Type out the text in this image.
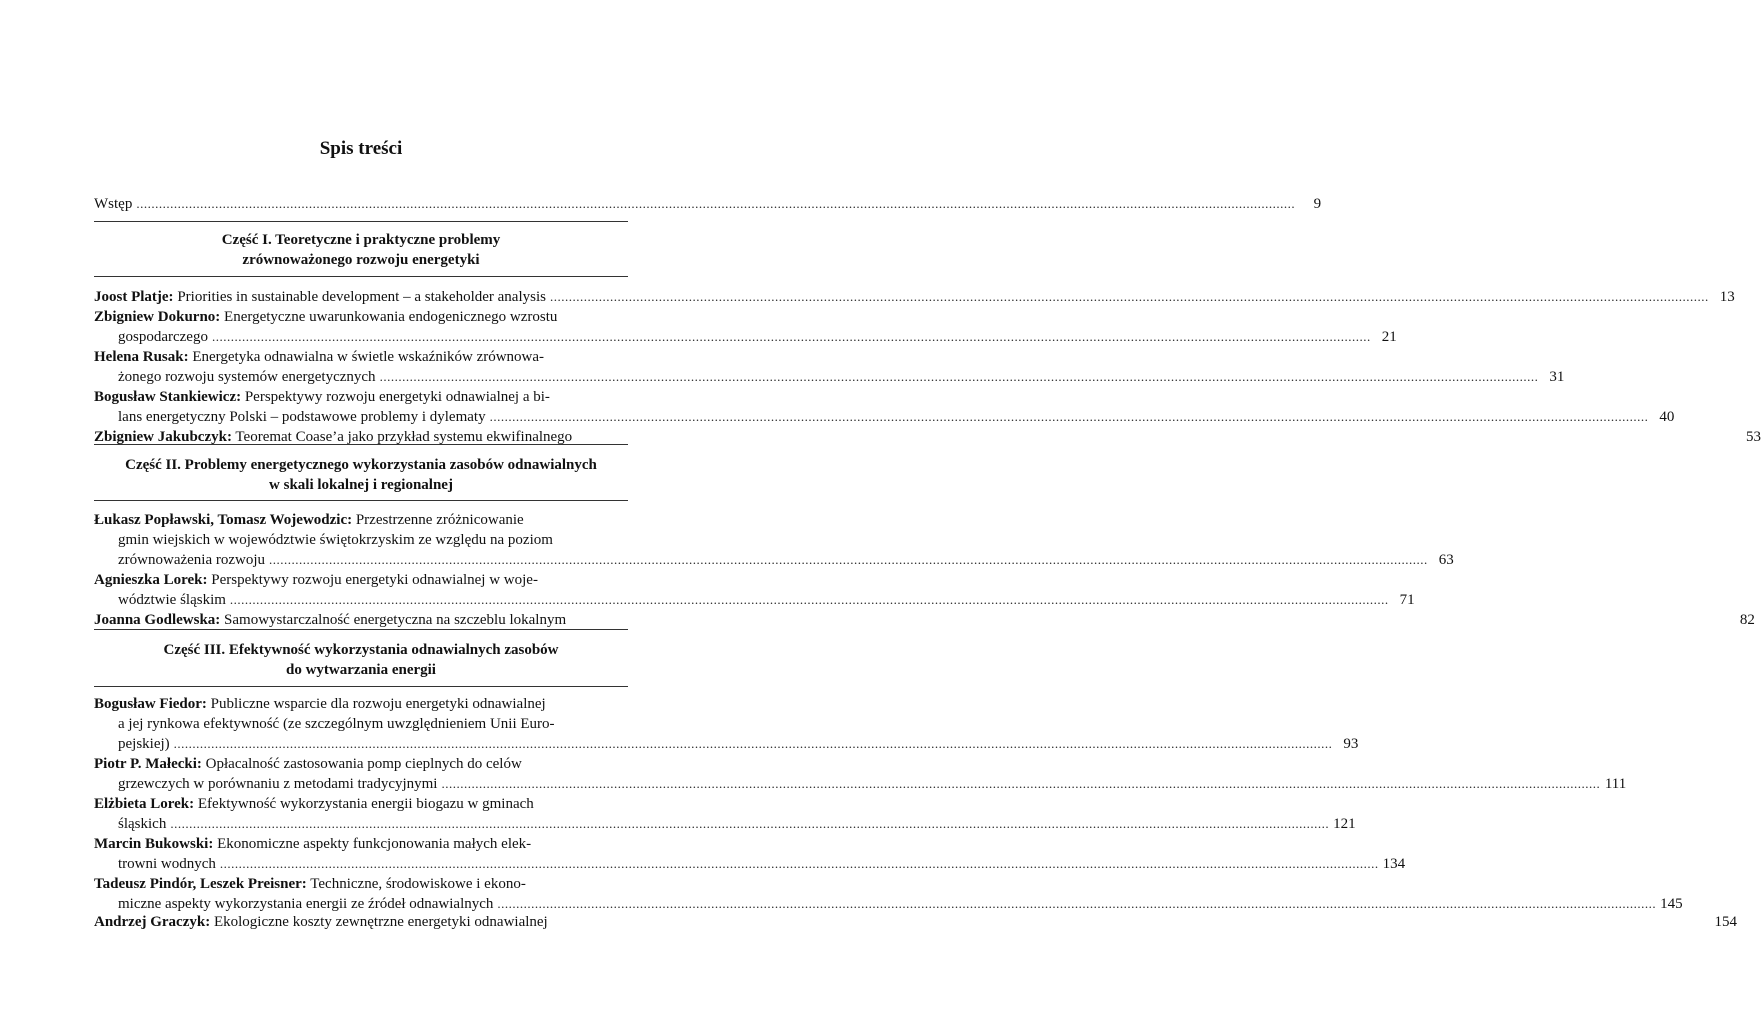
Spis treści
Wstęp .....	9
Część I. Teoretyczne i praktyczne problemy
zrównoważonego rozwoju energetyki
Joost Platje: Priorities in sustainable development – a stakeholder analysis .....	13
Zbigniew Dokurno: Energetyczne uwarunkowania endogenicznego wzrostu
gospodarczego .....	21
Helena Rusak: Energetyka odnawialna w świetle wskaźników zrównowa-
żonego rozwoju systemów energetycznych .....	31
Bogusław Stankiewicz: Perspektywy rozwoju energetyki odnawialnej a bi-
lans energetyczny Polski – podstawowe problemy i dylematy .....	40
Zbigniew Jakubczyk: Teoremat Coase’a jako przykład systemu ekwifinalnego	53
Część II. Problemy energetycznego wykorzystania zasobów odnawialnych
w skali lokalnej i regionalnej
Łukasz Popławski, Tomasz Wojewodzic: Przestrzenne zróżnicowanie
gmin wiejskich w województwie świętokrzyskim ze względu na poziom
zrównoważenia rozwoju .....	63
Agnieszka Lorek: Perspektywy rozwoju energetyki odnawialnej w woje-
wództwie śląskim .....	71
Joanna Godlewska: Samowystarczalność energetyczna na szczeblu lokalnym	82
Część III. Efektywność wykorzystania odnawialnych zasobów
do wytwarzania energii
Bogusław Fiedor: Publiczne wsparcie dla rozwoju energetyki odnawialnej
a jej rynkowa efektywność (ze szczególnym uwzględnieniem Unii Euro-
pejskiej) .....	93
Piotr P. Małecki: Opłacalność zastosowania pomp cieplnych do celów
grzewczych w porównaniu z metodami tradycyjnymi .....	111
Elżbieta Lorek: Efektywność wykorzystania energii biogazu w gminach
śląskich .....	121
Marcin Bukowski: Ekonomiczne aspekty funkcjonowania małych elek-
trowni wodnych .....	134
Tadeusz Pindór, Leszek Preisner: Techniczne, środowiskowe i ekono-
miczne aspekty wykorzystania energii ze źródeł odnawialnych .....	145
Andrzej Graczyk: Ekologiczne koszty zewnętrzne energetyki odnawialnej	154
